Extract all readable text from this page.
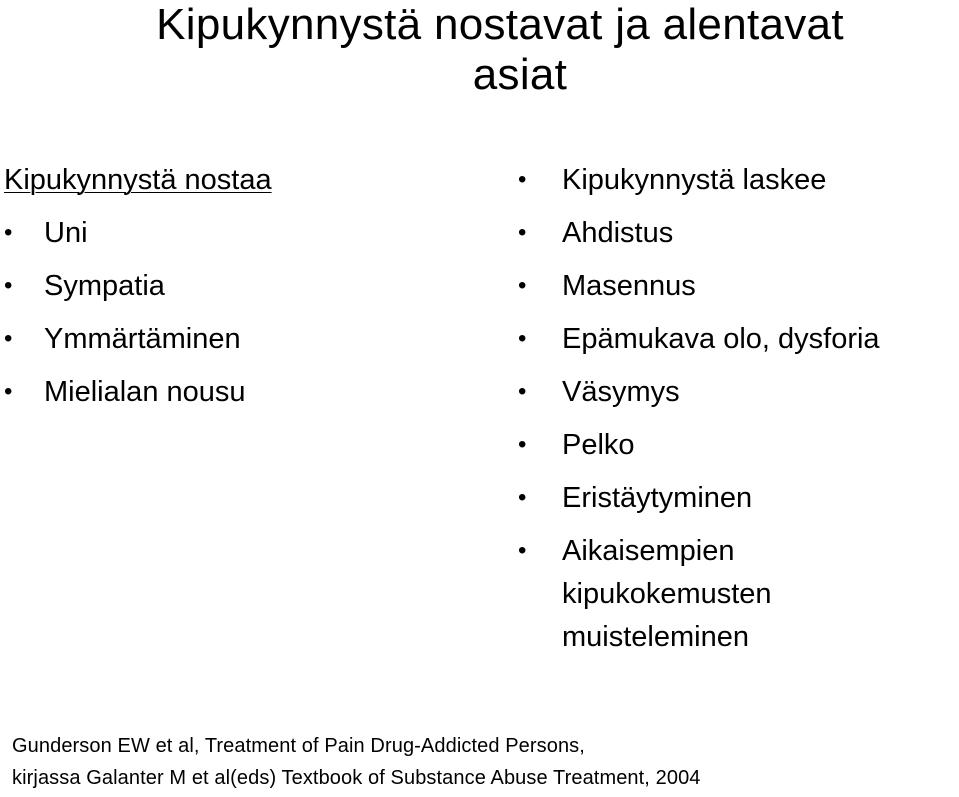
Kipukynnystä nostavat ja alentavat
asiat
Kipukynnystä nostaa
• Uni
• Sympatia
• Ymmärtäminen
• Mielialan nousu
• Kipukynnystä laskee
• Ahdistus
• Masennus
• Epämukava olo, dysforia
• Väsymys
• Pelko
• Eristäytyminen
• Aikaisempien kipukokemusten muisteleminen
Gunderson EW et al, Treatment of Pain Drug-Addicted Persons,
kirjassa Galanter M et al(eds) Textbook of Substance Abuse Treatment, 2004
